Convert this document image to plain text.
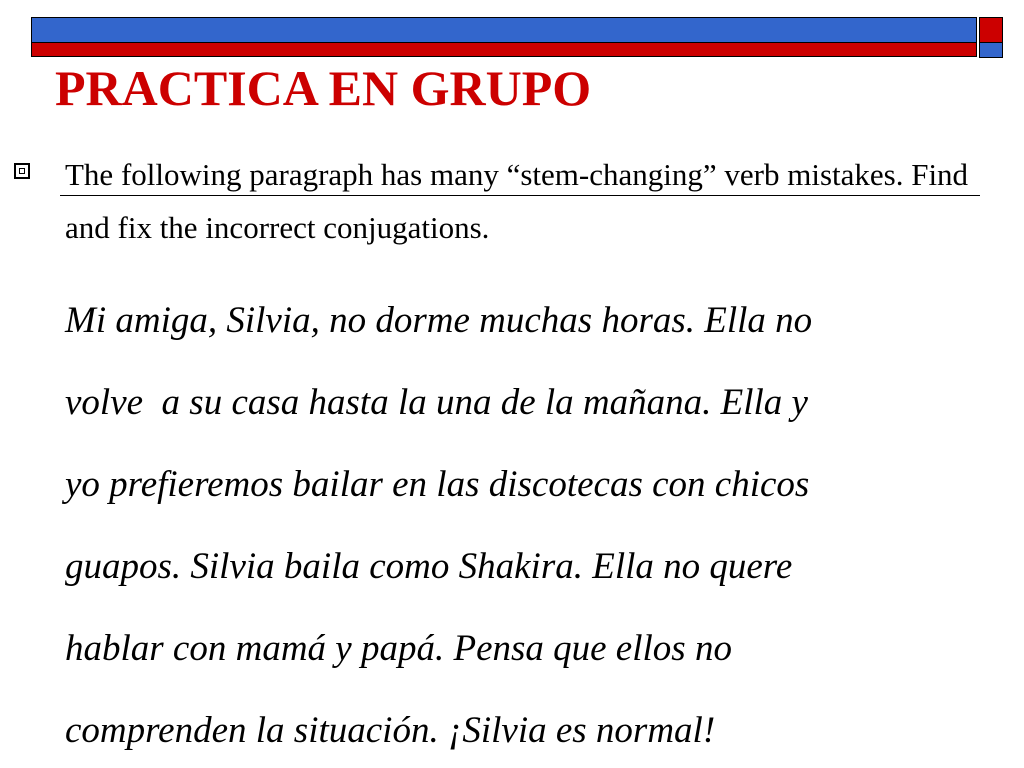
PRACTICA EN GRUPO

The following paragraph has many “stem-changing” verb mistakes. Find and fix the incorrect conjugations.

Mi amiga, Silvia, no dorme muchas horas. Ella no
volve  a su casa hasta la una de la mañana. Ella y
yo prefieremos bailar en las discotecas con chicos
guapos. Silvia baila como Shakira. Ella no quere
hablar con mamá y papá. Pensa que ellos no
comprenden la situación. ¡Silvia es normal!
